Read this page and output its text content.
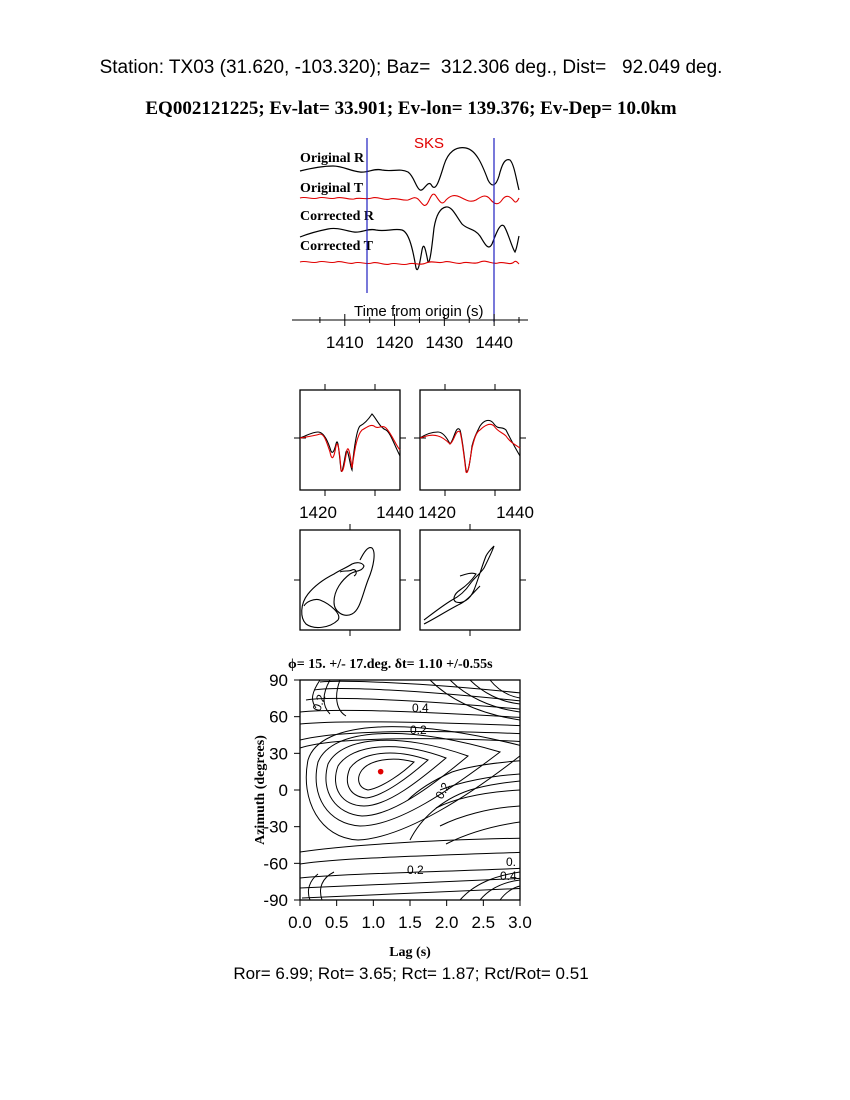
Station: TX03 (31.620, -103.320); Baz=  312.306 deg., Dist=   92.049 deg.
EQ002121225; Ev-lat= 33.901; Ev-lon= 139.376; Ev-Dep= 10.0km
SKS
Original R
Original T
Corrected R
Corrected T
Time from origin (s)
1410 1420 1430 1440
1420 1440 1420 1440
ϕ= 15. +/- 17.deg. δt= 1.10 +/-0.55s
0.2	0.4
0.2
0.2
0.2
0.
0.4
0.0 0.5 1.0 1.5 2.0 2.5 3.0
90
60
30
0
-30
-60
-90
Lag (s)
Azimuth (degrees)
Ror= 6.99; Rot= 3.65; Rct= 1.87; Rct/Rot= 0.51
